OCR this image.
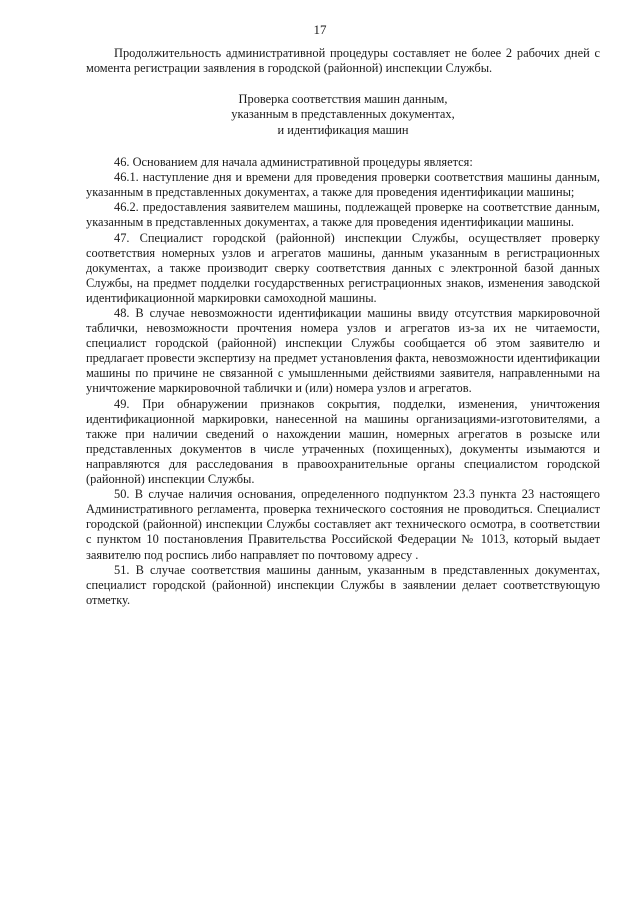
17

Продолжительность административной процедуры составляет не более 2 рабочих дней с момента регистрации заявления в городской (районной) инспекции Службы.

Проверка соответствия машин данным,
указанным в представленных документах,
и идентификация машин

46. Основанием для начала административной процедуры является:

46.1. наступление дня и времени для проведения проверки соответствия машины данным, указанным в представленных документах, а также для проведения идентификации машины;

46.2. предоставления заявителем машины, подлежащей проверке на соответствие данным, указанным в представленных документах, а также для проведения идентификации машины.

47. Специалист городской (районной) инспекции Службы, осуществляет проверку соответствия номерных узлов и агрегатов машины, данным указанным в регистрационных документах, а также производит сверку соответствия данных с электронной базой данных Службы, на предмет подделки государственных регистрационных знаков, изменения заводской идентификационной маркировки самоходной машины.

48. В случае невозможности идентификации машины ввиду отсутствия маркировочной таблички, невозможности прочтения номера узлов и агрегатов из-за их не читаемости, специалист городской (районной) инспекции Службы сообщается об этом заявителю и предлагает провести экспертизу на предмет установления факта, невозможности идентификации машины по причине не связанной с умышленными действиями заявителя, направленными на уничтожение маркировочной таблички и (или) номера узлов и агрегатов.

49. При обнаружении признаков сокрытия, подделки, изменения, уничтожения идентификационной маркировки, нанесенной на машины организациями-изготовителями, а также при наличии сведений о нахождении машин, номерных агрегатов в розыске или представленных документов в числе утраченных (похищенных), документы изымаются и направляются для расследования в правоохранительные органы специалистом городской (районной) инспекции Службы.

50. В случае наличия основания, определенного подпунктом 23.3 пункта 23 настоящего Административного регламента, проверка технического состояния не проводиться. Специалист городской (районной) инспекции Службы составляет акт технического осмотра, в соответствии с пунктом 10 постановления Правительства Российской Федерации № 1013, который выдает заявителю под роспись либо направляет по почтовому адресу .

51. В случае соответствия машины данным, указанным в представленных документах, специалист городской (районной) инспекции Службы в заявлении делает соответствующую отметку.
